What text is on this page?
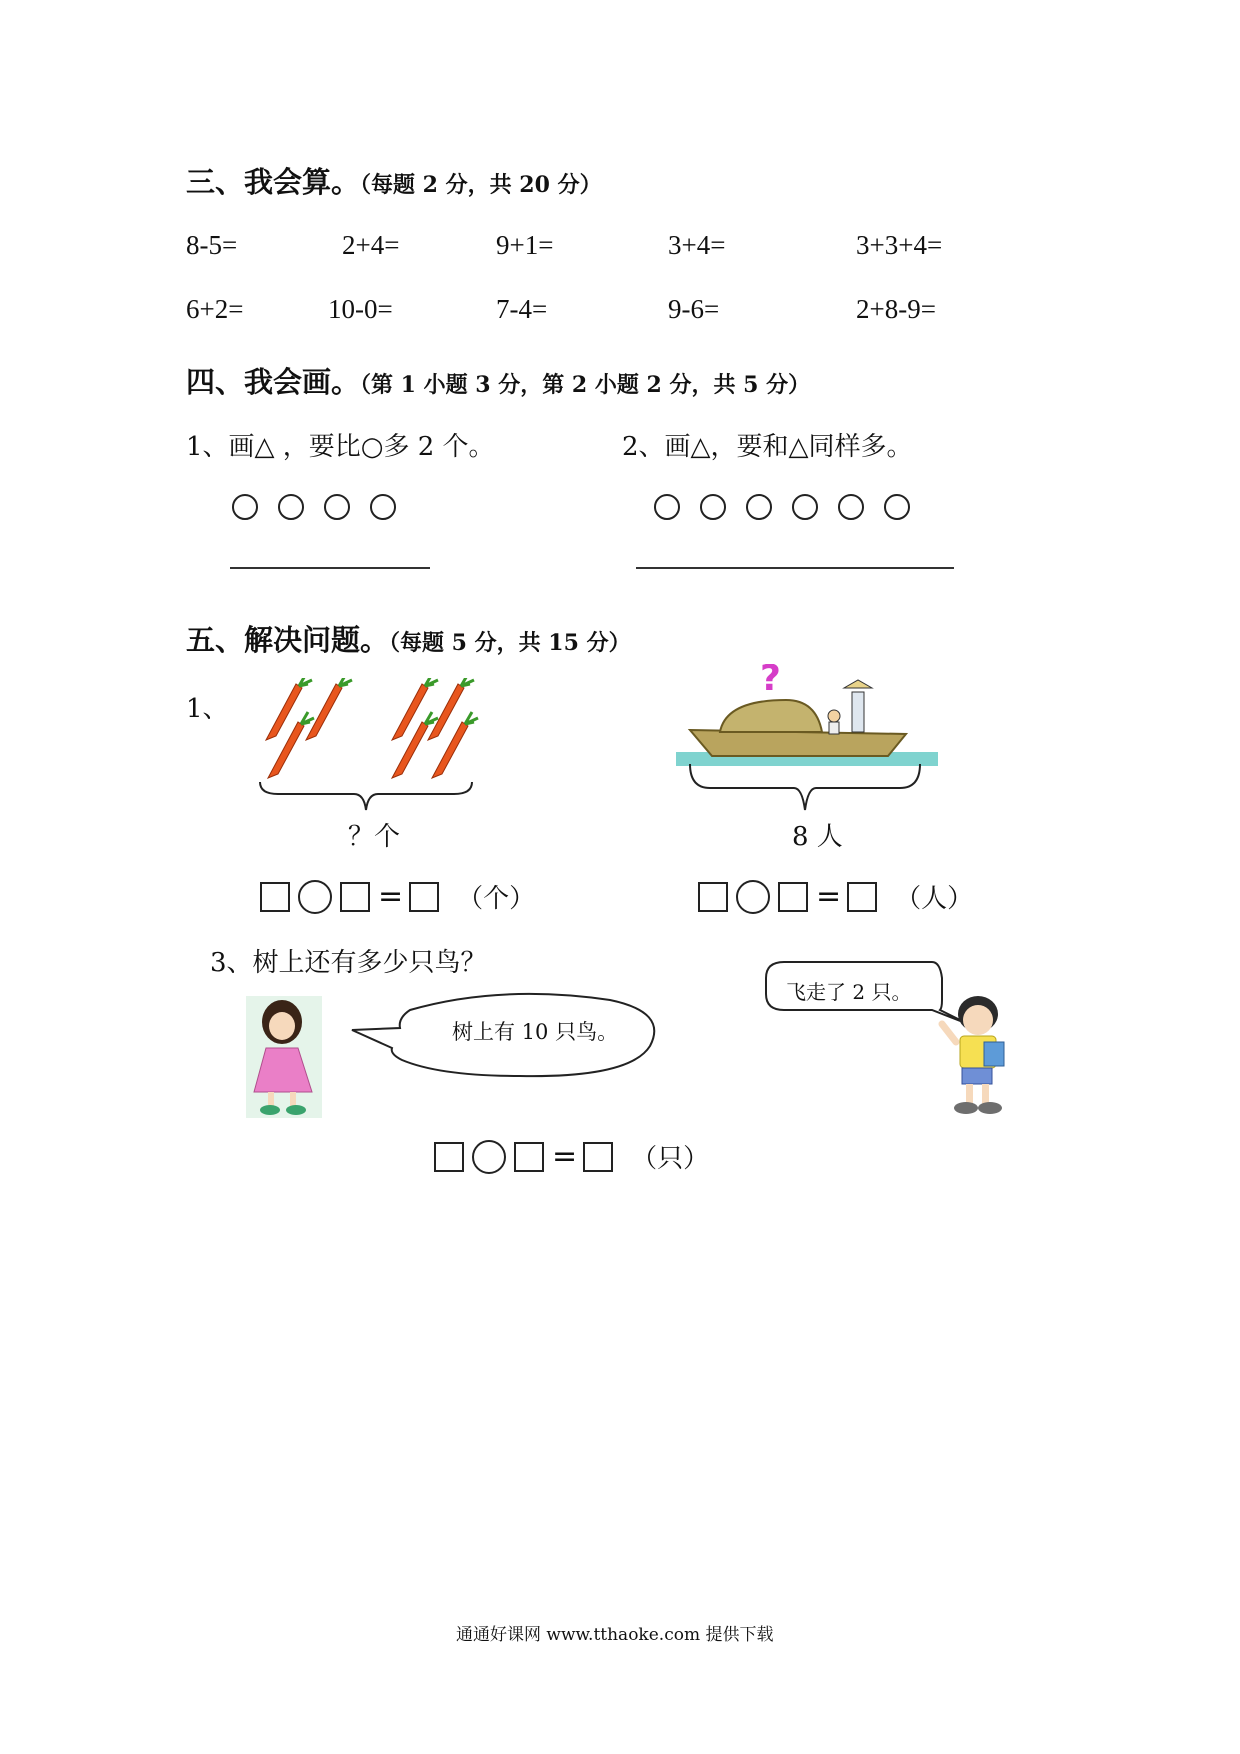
三、我会算。（每题 2 分，共 20 分）
8-5=	2+4=	9+1=	3+4=	3+3+4=
6+2=	10-0=	7-4=	9-6=	2+8-9=
四、我会画。（第 1 小题 3 分，第 2 小题 2 分，共 5 分）
1、画△ ，要比○多 2 个。	2、画△，要和△同样多。
五、解决问题。（每题 5 分，共 15 分）
1、
？个
?
8 人
= （个）	= （人）
3、树上还有多少只鸟？
树上有 10 只鸟。
飞走了 2 只。
= （只）
通通好课网 www.tthaoke.com 提供下载
